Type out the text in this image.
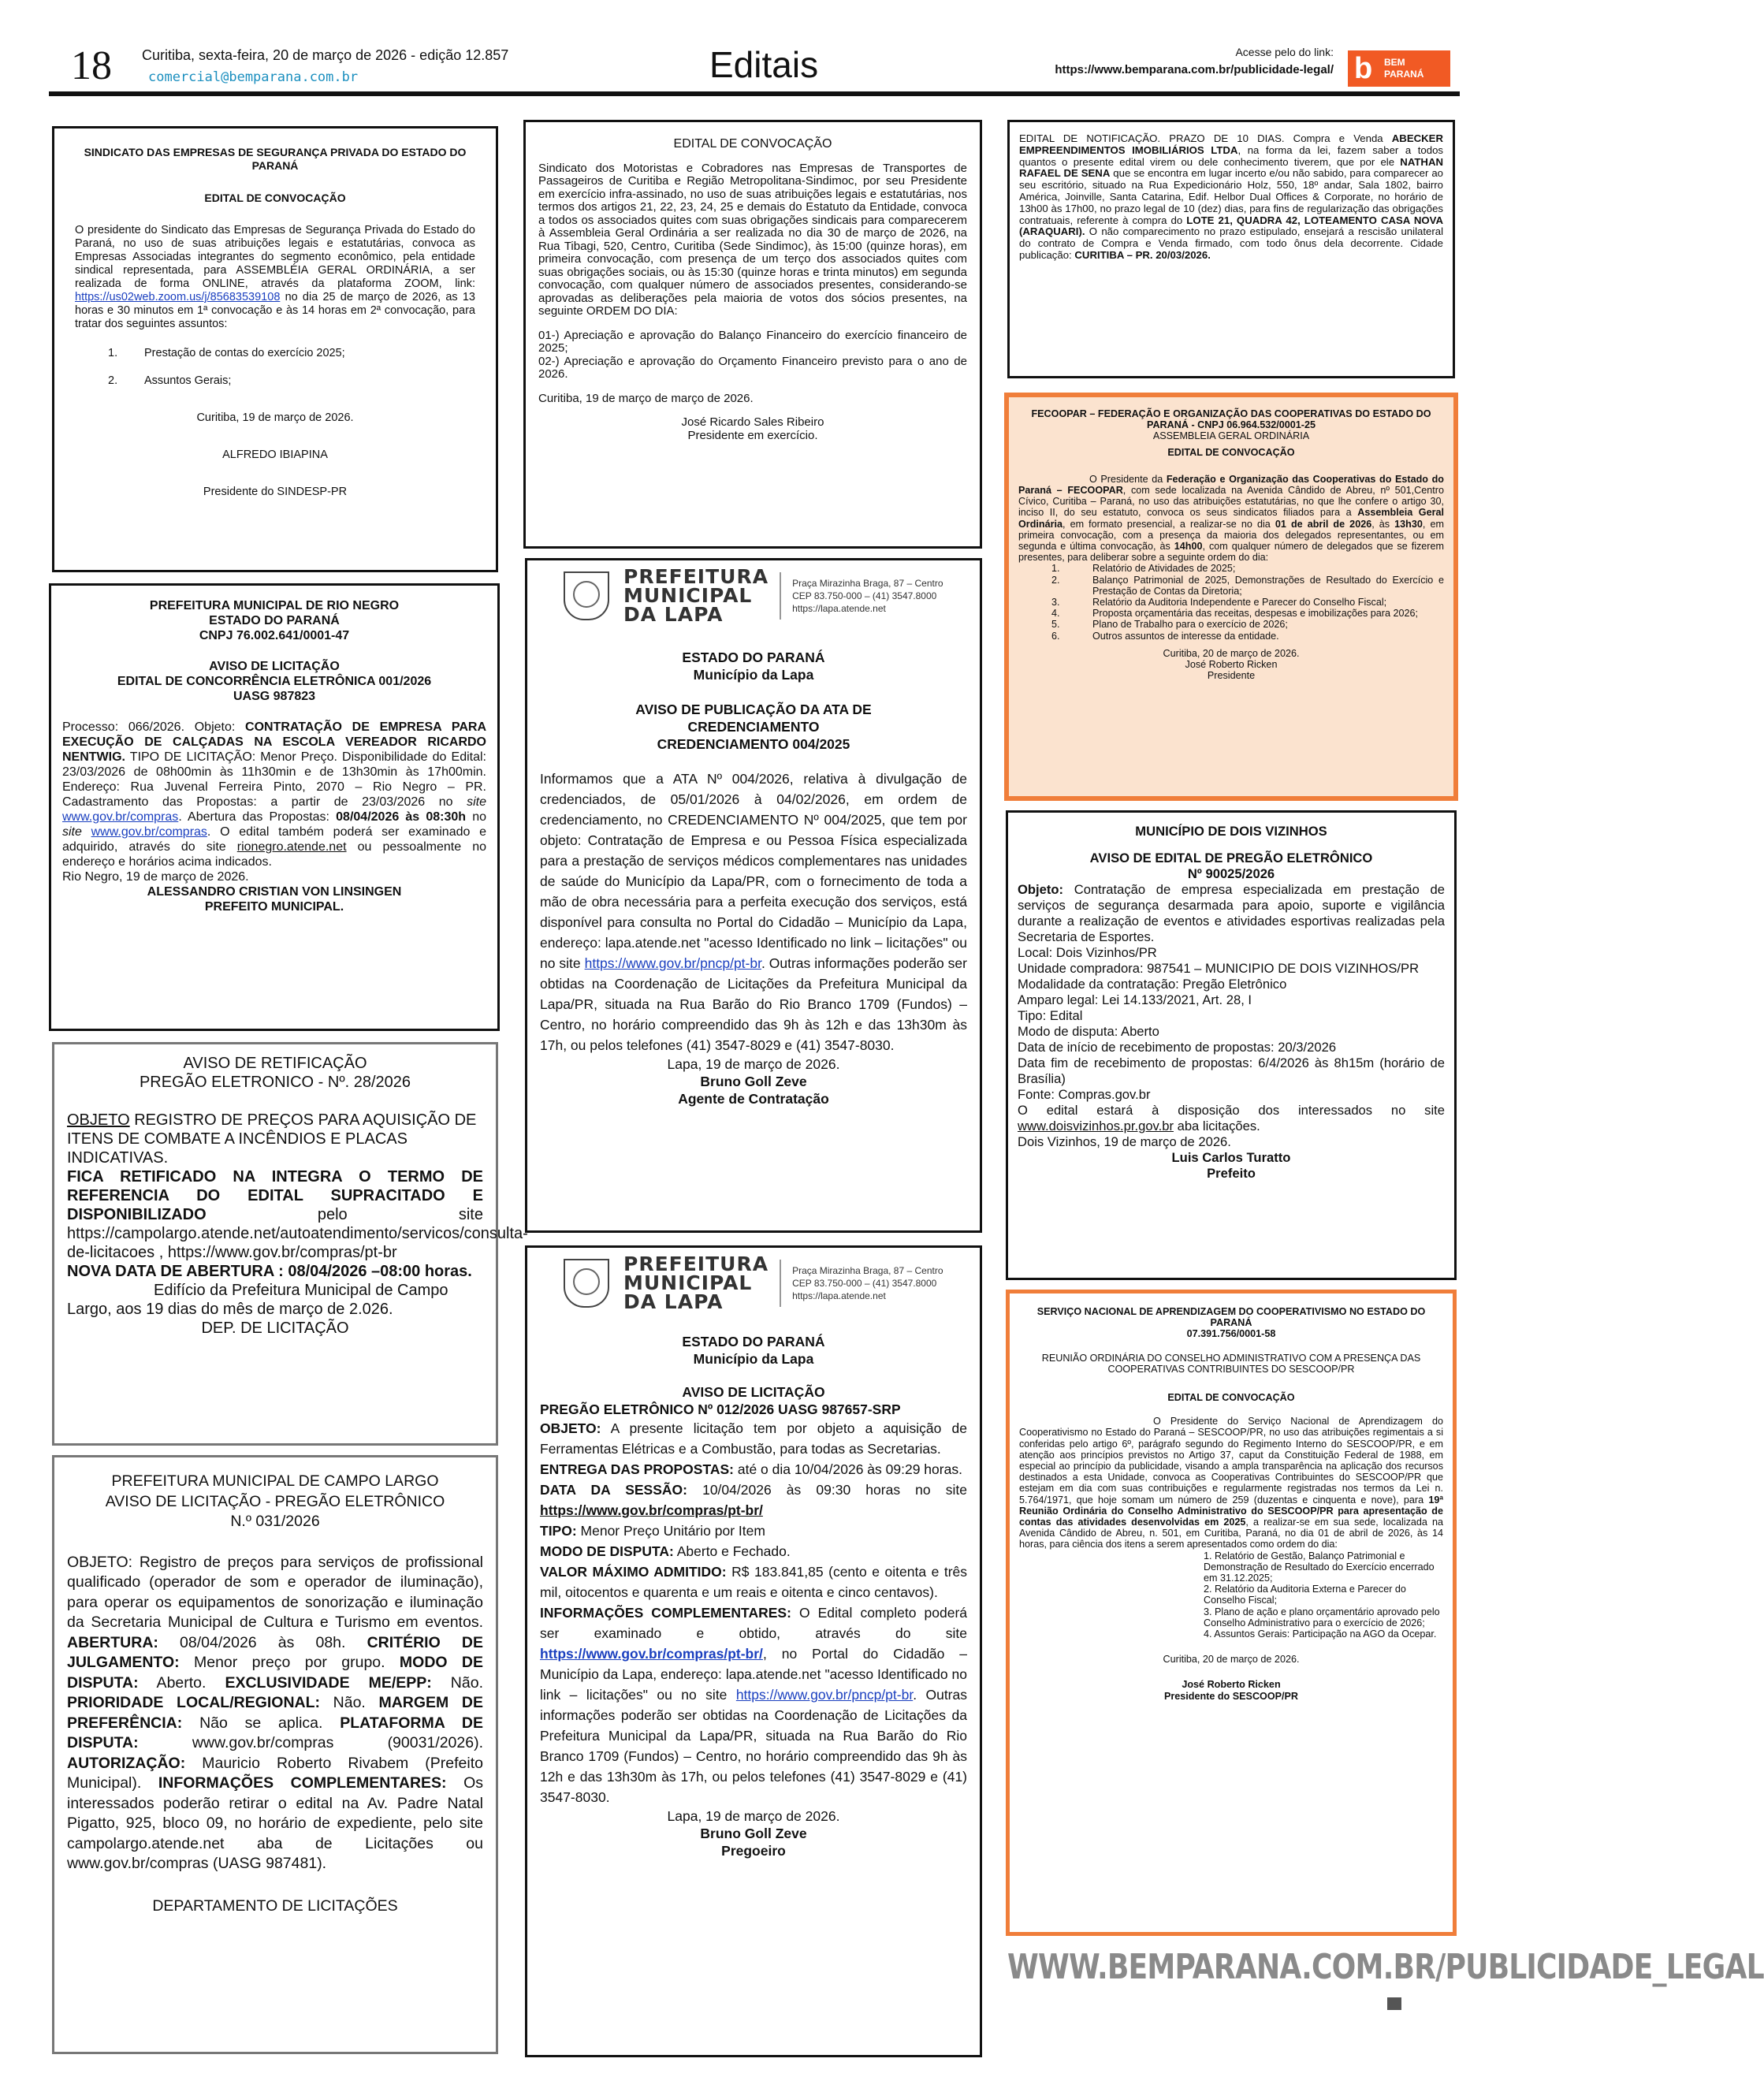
18 Curitiba, sexta-feira, 20 de março de 2026 - edição 12.857
comercial@bemparana.com.br	Editais	Acesse pelo do link:
https://www.bemparana.com.br/publicidade-legal/ b BEM
PARANÁ

SINDICATO DAS EMPRESAS DE SEGURANÇA PRIVADA DO ESTADO DO PARANÁ

EDITAL DE CONVOCAÇÃO

O presidente do Sindicato das Empresas de Segurança Privada do Estado do Paraná, no uso de suas atribuições legais e estatutárias, convoca as Empresas Associadas integrantes do segmento econômico, pela entidade sindical representada, para ASSEMBLÉIA GERAL ORDINÁRIA, a ser realizada de forma ONLINE, através da plataforma ZOOM, link: https://us02web.zoom.us/j/85683539108 no dia 25 de março de 2026, as 13 horas e 30 minutos em 1ª convocação e às 14 horas em 2ª convocação, para tratar dos seguintes assuntos:

1.	Prestação de contas do exercício 2025;
2.	Assuntos Gerais;

Curitiba, 19 de março de 2026.

ALFREDO IBIAPINA

Presidente do SINDESP-PR

PREFEITURA MUNICIPAL DE RIO NEGRO

ESTADO DO PARANÁ

CNPJ 76.002.641/0001-47

AVISO DE LICITAÇÃO

EDITAL DE CONCORRÊNCIA ELETRÔNICA 001/2026

UASG 987823

Processo: 066/2026. Objeto: CONTRATAÇÃO DE EMPRESA PARA EXECUÇÃO DE CALÇADAS NA ESCOLA VEREADOR RICARDO NENTWIG. TIPO DE LICITAÇÃO: Menor Preço. Disponibilidade do Edital: 23/03/2026 de 08h00min às 11h30min e de 13h30min às 17h00min. Endereço: Rua Juvenal Ferreira Pinto, 2070 – Rio Negro – PR. Cadastramento das Propostas: a partir de 23/03/2026 no site www.gov.br/compras. Abertura das Propostas: 08/04/2026 às 08:30h no site www.gov.br/compras. O edital também poderá ser examinado e adquirido, através do site rionegro.atende.net ou pessoalmente no endereço e horários acima indicados.

Rio Negro, 19 de março de 2026.

ALESSANDRO CRISTIAN VON LINSINGEN

PREFEITO MUNICIPAL.

AVISO DE RETIFICAÇÃO

PREGÃO ELETRONICO - Nº. 28/2026

OBJETO REGISTRO DE PREÇOS PARA AQUISIÇÃO DE ITENS DE COMBATE A INCÊNDIOS E PLACAS INDICATIVAS.

FICA RETIFICADO NA INTEGRA O TERMO DE REFERENCIA DO EDITAL SUPRACITADO E DISPONIBILIZADO pelo site https://campolargo.atende.net/autoatendimento/servicos/consulta-de-licitacoes , https://www.gov.br/compras/pt-br

NOVA DATA DE ABERTURA : 08/04/2026 –08:00 horas.

Edifício da Prefeitura Municipal de Campo Largo, aos 19 dias do mês de março de 2.026.

DEP. DE LICITAÇÃO

PREFEITURA MUNICIPAL DE CAMPO LARGO

AVISO DE LICITAÇÃO - PREGÃO ELETRÔNICO

N.º 031/2026

OBJETO: Registro de preços para serviços de profissional qualificado (operador de som e operador de iluminação), para operar os equipamentos de sonorização e iluminação da Secretaria Municipal de Cultura e Turismo em eventos. ABERTURA: 08/04/2026 às 08h. CRITÉRIO DE JULGAMENTO: Menor preço por grupo. MODO DE DISPUTA: Aberto. EXCLUSIVIDADE ME/EPP: Não. PRIORIDADE LOCAL/REGIONAL: Não. MARGEM DE PREFERÊNCIA: Não se aplica. PLATAFORMA DE DISPUTA: www.gov.br/compras (90031/2026). AUTORIZAÇÃO: Mauricio Roberto Rivabem (Prefeito Municipal). INFORMAÇÕES COMPLEMENTARES: Os interessados poderão retirar o edital na Av. Padre Natal Pigatto, 925, bloco 09, no horário de expediente, pelo site campolargo.atende.net aba de Licitações ou www.gov.br/compras (UASG 987481).

DEPARTAMENTO DE LICITAÇÕES

EDITAL DE CONVOCAÇÃO

Sindicato dos Motoristas e Cobradores nas Empresas de Transportes de Passageiros de Curitiba e Região Metropolitana-Sindimoc, por seu Presidente em exercício infra-assinado, no uso de suas atribuições legais e estatutárias, nos termos dos artigos 21, 22, 23, 24, 25 e demais do Estatuto da Entidade, convoca a todos os associados quites com suas obrigações sindicais para comparecerem à Assembleia Geral Ordinária a ser realizada no dia 30 de março de 2026, na Rua Tibagi, 520, Centro, Curitiba (Sede Sindimoc), às 15:00 (quinze horas), em primeira convocação, com presença de um terço dos associados quites com suas obrigações sociais, ou às 15:30 (quinze horas e trinta minutos) em segunda convocação, com qualquer número de associados presentes, considerando-se aprovadas as deliberações pela maioria de votos dos sócios presentes, na seguinte ORDEM DO DIA:

01-) Apreciação e aprovação do Balanço Financeiro do exercício financeiro de 2025;

02-) Apreciação e aprovação do Orçamento Financeiro previsto para o ano de 2026.

Curitiba, 19 de março de março de 2026.

José Ricardo Sales Ribeiro

Presidente em exercício.

PREFEITURA
MUNICIPAL
DA LAPA
Praça Mirazinha Braga, 87 – Centro
CEP 83.750-000 – (41) 3547.8000
https://lapa.atende.net

ESTADO DO PARANÁ

Município da Lapa

AVISO DE PUBLICAÇÃO DA ATA DE CREDENCIAMENTO

CREDENCIAMENTO 004/2025

Informamos que a ATA Nº 004/2026, relativa à divulgação de credenciados, de 05/01/2026 à 04/02/2026, em ordem de credenciamento, no CREDENCIAMENTO Nº 004/2025, que tem por objeto: Contratação de Empresa e ou Pessoa Física especializada para a prestação de serviços médicos complementares nas unidades de saúde do Município da Lapa/PR, com o fornecimento de toda a mão de obra necessária para a perfeita execução dos serviços, está disponível para consulta no Portal do Cidadão – Município da Lapa, endereço: lapa.atende.net "acesso Identificado no link – licitações" ou no site https://www.gov.br/pncp/pt-br. Outras informações poderão ser obtidas na Coordenação de Licitações da Prefeitura Municipal da Lapa/PR, situada na Rua Barão do Rio Branco 1709 (Fundos) – Centro, no horário compreendido das 9h às 12h e das 13h30m às 17h, ou pelos telefones (41) 3547-8029 e (41) 3547-8030.

Lapa, 19 de março de 2026.

Bruno Goll Zeve

Agente de Contratação

PREFEITURA
MUNICIPAL
DA LAPA
Praça Mirazinha Braga, 87 – Centro
CEP 83.750-000 – (41) 3547.8000
https://lapa.atende.net

ESTADO DO PARANÁ

Município da Lapa

AVISO DE LICITAÇÃO

PREGÃO ELETRÔNICO Nº 012/2026 UASG 987657-SRP

OBJETO: A presente licitação tem por objeto a aquisição de Ferramentas Elétricas e a Combustão, para todas as Secretarias.

ENTREGA DAS PROPOSTAS: até o dia 10/04/2026 às 09:29 horas.

DATA DA SESSÃO: 10/04/2026 às 09:30 horas no site https://www.gov.br/compras/pt-br/

TIPO: Menor Preço Unitário por Item

MODO DE DISPUTA: Aberto e Fechado.

VALOR MÁXIMO ADMITIDO: R$ 183.841,85 (cento e oitenta e três mil, oitocentos e quarenta e um reais e oitenta e cinco centavos).

INFORMAÇÕES COMPLEMENTARES: O Edital completo poderá ser examinado e obtido, através do site https://www.gov.br/compras/pt-br/, no Portal do Cidadão – Município da Lapa, endereço: lapa.atende.net "acesso Identificado no link – licitações" ou no site https://www.gov.br/pncp/pt-br. Outras informações poderão ser obtidas na Coordenação de Licitações da Prefeitura Municipal da Lapa/PR, situada na Rua Barão do Rio Branco 1709 (Fundos) – Centro, no horário compreendido das 9h às 12h e das 13h30m às 17h, ou pelos telefones (41) 3547-8029 e (41) 3547-8030.

Lapa, 19 de março de 2026.

Bruno Goll Zeve

Pregoeiro

EDITAL DE NOTIFICAÇÃO. PRAZO DE 10 DIAS. Compra e Venda ABECKER EMPREENDIMENTOS IMOBILIÁRIOS LTDA, na forma da lei, fazem saber a todos quantos o presente edital virem ou dele conhecimento tiverem, que por ele NATHAN RAFAEL DE SENA que se encontra em lugar incerto e/ou não sabido, para comparecer ao seu escritório, situado na Rua Expedicionário Holz, 550, 18º andar, Sala 1802, bairro América, Joinville, Santa Catarina, Edif. Helbor Dual Offices & Corporate, no horário de 13h00 às 17h00, no prazo legal de 10 (dez) dias, para fins de regularização das obrigações contratuais, referente à compra do LOTE 21, QUADRA 42, LOTEAMENTO CASA NOVA (ARAQUARI). O não comparecimento no prazo estipulado, ensejará a rescisão unilateral do contrato de Compra e Venda firmado, com todo ônus dela decorrente. Cidade publicação: CURITIBA – PR. 20/03/2026.

FECOOPAR – FEDERAÇÃO E ORGANIZAÇÃO DAS COOPERATIVAS DO ESTADO DO PARANÁ - CNPJ 06.964.532/0001-25

ASSEMBLEIA GERAL ORDINÁRIA

EDITAL DE CONVOCAÇÃO

O Presidente da Federação e Organização das Cooperativas do Estado do Paraná – FECOOPAR, com sede localizada na Avenida Cândido de Abreu, nº 501,Centro Cívico, Curitiba – Paraná, no uso das atribuições estatutárias, no que lhe confere o artigo 30, inciso II, do seu estatuto, convoca os seus sindicatos filiados para a Assembleia Geral Ordinária, em formato presencial, a realizar-se no dia 01 de abril de 2026, às 13h30, em primeira convocação, com a presença da maioria dos delegados representantes, ou em segunda e última convocação, às 14h00, com qualquer número de delegados que se fizerem presentes, para deliberar sobre a seguinte ordem do dia:

1.	Relatório de Atividades de 2025;
2.	Balanço Patrimonial de 2025, Demonstrações de Resultado do Exercício e Prestação de Contas da Diretoria;
3.	Relatório da Auditoria Independente e Parecer do Conselho Fiscal;
4.	Proposta orçamentária das receitas, despesas e imobilizações para 2026;
5.	Plano de Trabalho para o exercício de 2026;
6.	Outros assuntos de interesse da entidade.

Curitiba, 20 de março de 2026.

José Roberto Ricken

Presidente

MUNICÍPIO DE DOIS VIZINHOS

AVISO DE EDITAL DE PREGÃO ELETRÔNICO

Nº 90025/2026

Objeto: Contratação de empresa especializada em prestação de serviços de segurança desarmada para apoio, suporte e vigilância durante a realização de eventos e atividades esportivas realizadas pela Secretaria de Esportes.

Local: Dois Vizinhos/PR

Unidade compradora: 987541 – MUNICIPIO DE DOIS VIZINHOS/PR

Modalidade da contratação: Pregão Eletrônico

Amparo legal: Lei 14.133/2021, Art. 28, I

Tipo: Edital

Modo de disputa: Aberto

Data de início de recebimento de propostas: 20/3/2026

Data fim de recebimento de propostas: 6/4/2026 às 8h15m (horário de Brasília)

Fonte: Compras.gov.br

O edital estará à disposição dos interessados no site www.doisvizinhos.pr.gov.br aba licitações.

Dois Vizinhos, 19 de março de 2026.

Luis Carlos Turatto

Prefeito

SERVIÇO NACIONAL DE APRENDIZAGEM DO COOPERATIVISMO NO ESTADO DO PARANÁ

07.391.756/0001-58

REUNIÃO ORDINÁRIA DO CONSELHO ADMINISTRATIVO COM A PRESENÇA DAS COOPERATIVAS CONTRIBUINTES DO SESCOOP/PR

EDITAL DE CONVOCAÇÃO

O Presidente do Serviço Nacional de Aprendizagem do Cooperativismo no Estado do Paraná – SESCOOP/PR, no uso das atribuições regimentais a si conferidas pelo artigo 6º, parágrafo segundo do Regimento Interno do SESCOOP/PR, e em atenção aos princípios previstos no Artigo 37, caput da Constituição Federal de 1988, em especial ao princípio da publicidade, visando a ampla transparência na aplicação dos recursos destinados a esta Unidade, convoca as Cooperativas Contribuintes do SESCOOP/PR que estejam em dia com suas contribuições e regularmente registradas nos termos da Lei n. 5.764/1971, que hoje somam um número de 259 (duzentas e cinquenta e nove), para 19ª Reunião Ordinária do Conselho Administrativo do SESCOOP/PR para apresentação de contas das atividades desenvolvidas em 2025, a realizar-se em sua sede, localizada na Avenida Cândido de Abreu, n. 501, em Curitiba, Paraná, no dia 01 de abril de 2026, às 14 horas, para ciência dos itens a serem apresentados como ordem do dia:

1. Relatório de Gestão, Balanço Patrimonial e Demonstração de Resultado do Exercício encerrado em 31.12.2025;

2. Relatório da Auditoria Externa e Parecer do Conselho Fiscal;

3. Plano de ação e plano orçamentário aprovado pelo Conselho Administrativo para o exercício de 2026;

4. Assuntos Gerais: Participação na AGO da Ocepar.

Curitiba, 20 de março de 2026.

José Roberto Ricken

Presidente do SESCOOP/PR

WWW.BEMPARANA.COM.BR/PUBLICIDADE_LEGAL
